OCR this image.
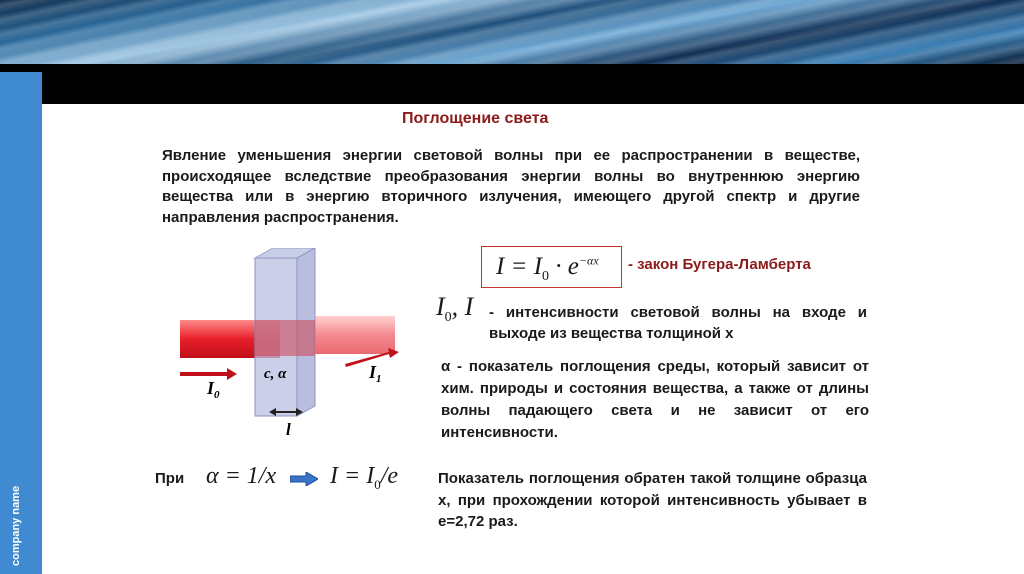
company name
Поглощение света
Явление уменьшения энергии световой волны при ее распространении в веществе, происходящее вследствие преобразования энергии волны во внутреннюю энергию вещества или в энергию вторичного излучения, имеющего другой спектр и другие направления распространения.
$I = I_0 \cdot e^{-\alpha x}$ - закон Бугера-Ламберта
$I_0$, I - интенсивности световой волны на входе и выходе из вещества толщиной x
α - показатель поглощения среды, который зависит от хим. природы и состояния вещества, а также от длины волны падающего света и не зависит от его интенсивности.
При α = 1/x $I = I_0/e$	Показатель поглощения обратен такой толщине образца x, при прохождении которой интенсивность убывает в е=2,72 раз.
$I_0$
$I_1$
c, α
l
